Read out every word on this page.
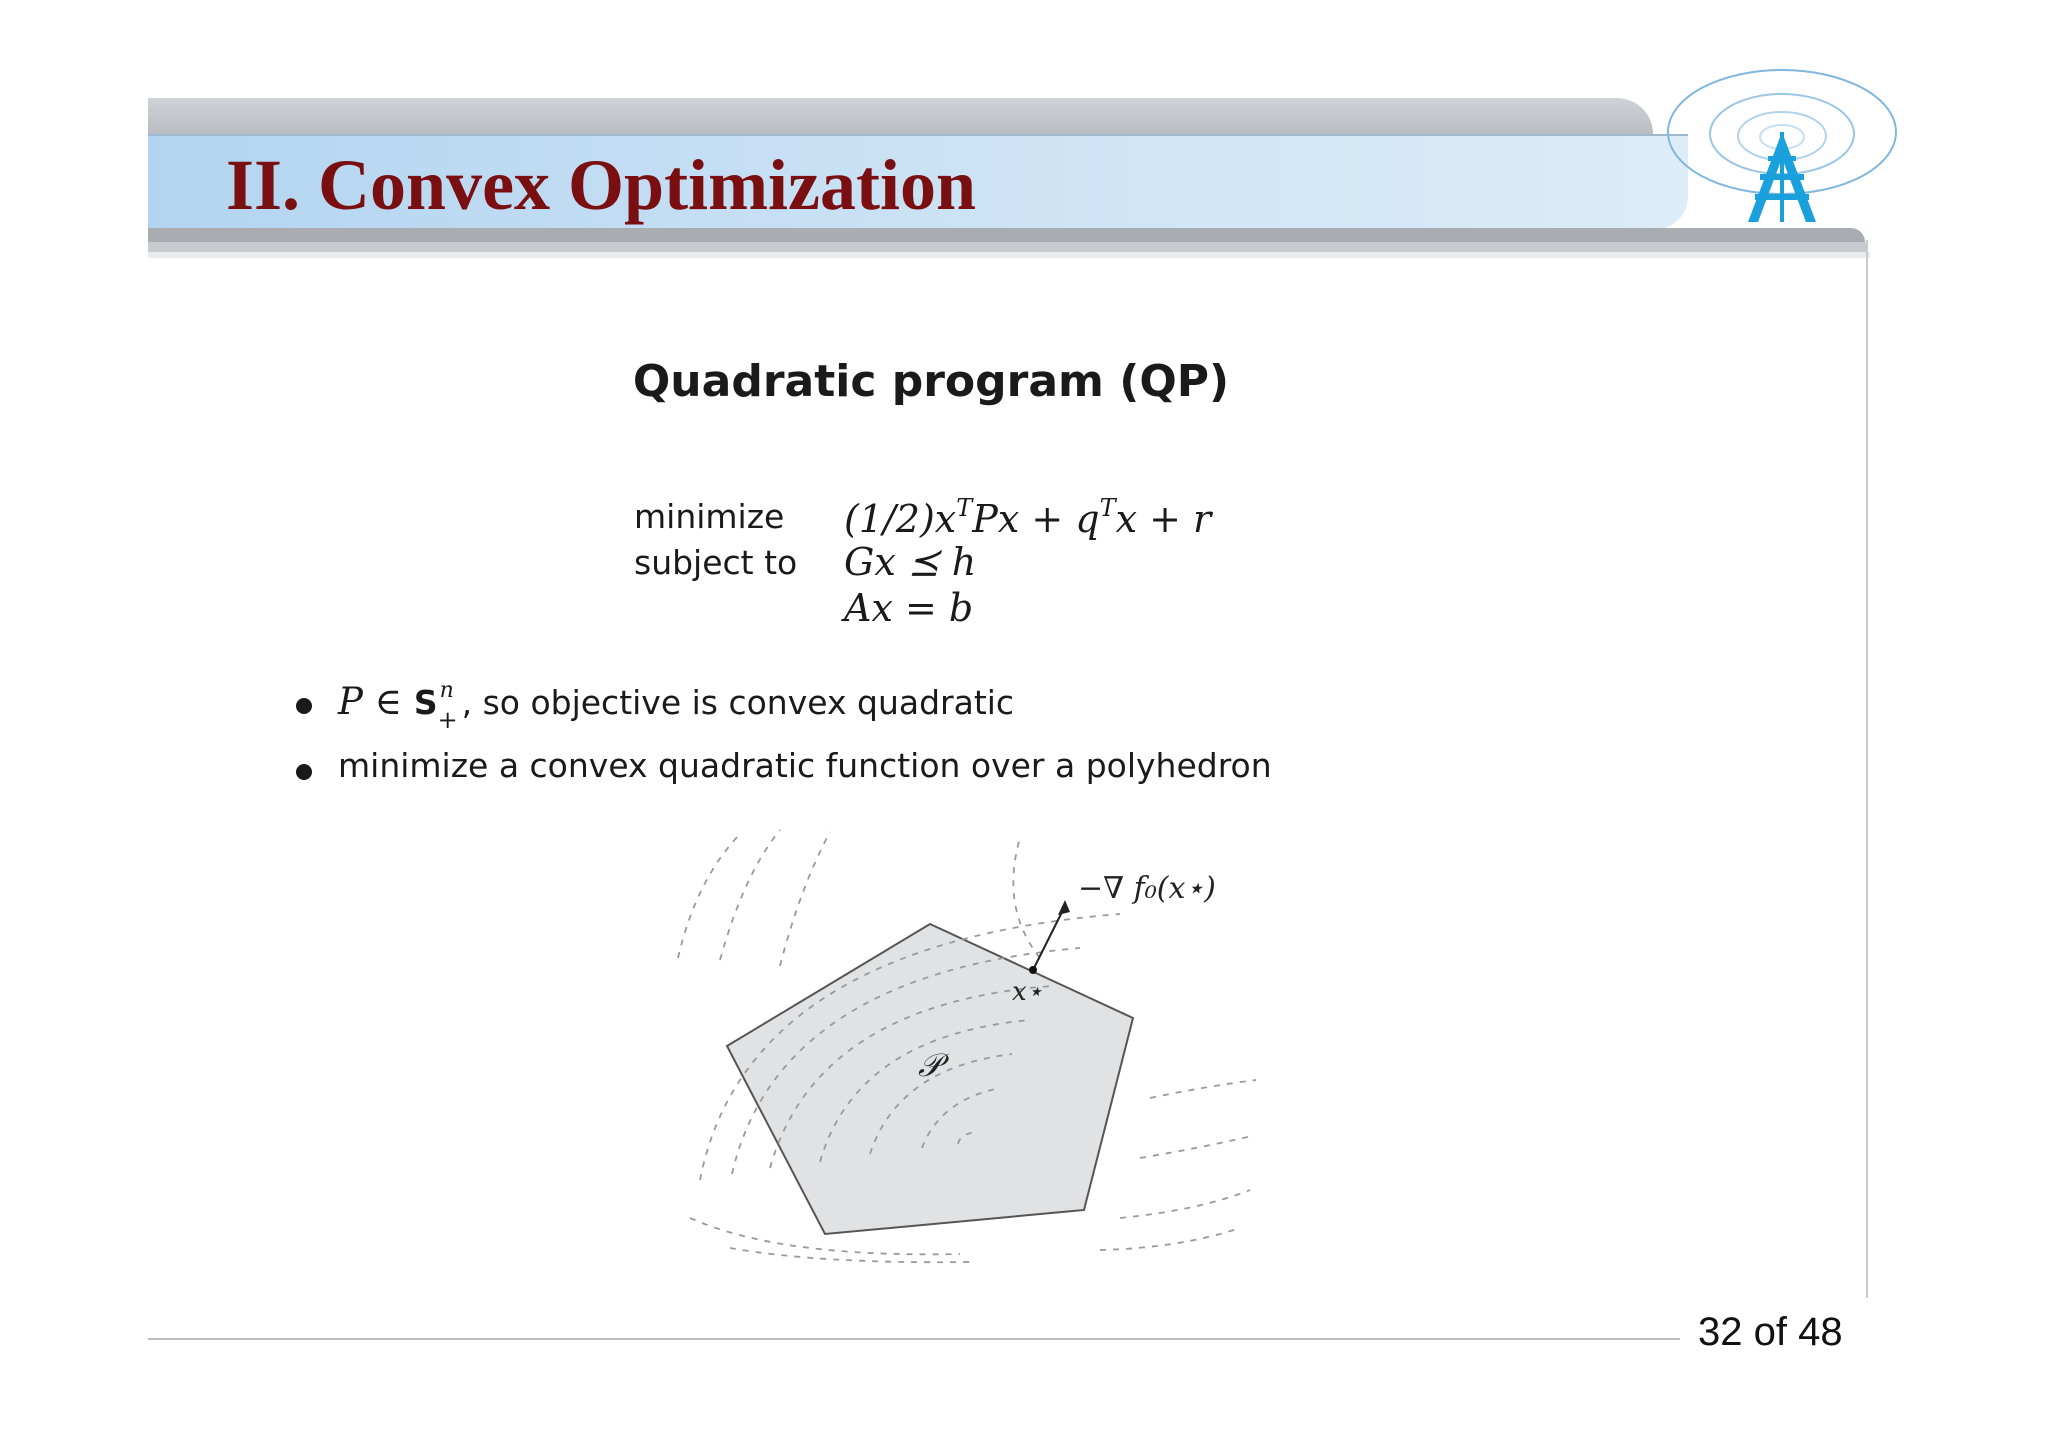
II. Convex Optimization
Quadratic program (QP)
minimize
subject to
$(1/2)x^TPx + q^Tx + r$
Gx ⪯ h
Ax = b
P ∈ S n
+ , so objective is convex quadratic
minimize a convex quadratic function over a polyhedron
−∇ f₀(x⋆)
x⋆
𝒫
32 of 48
